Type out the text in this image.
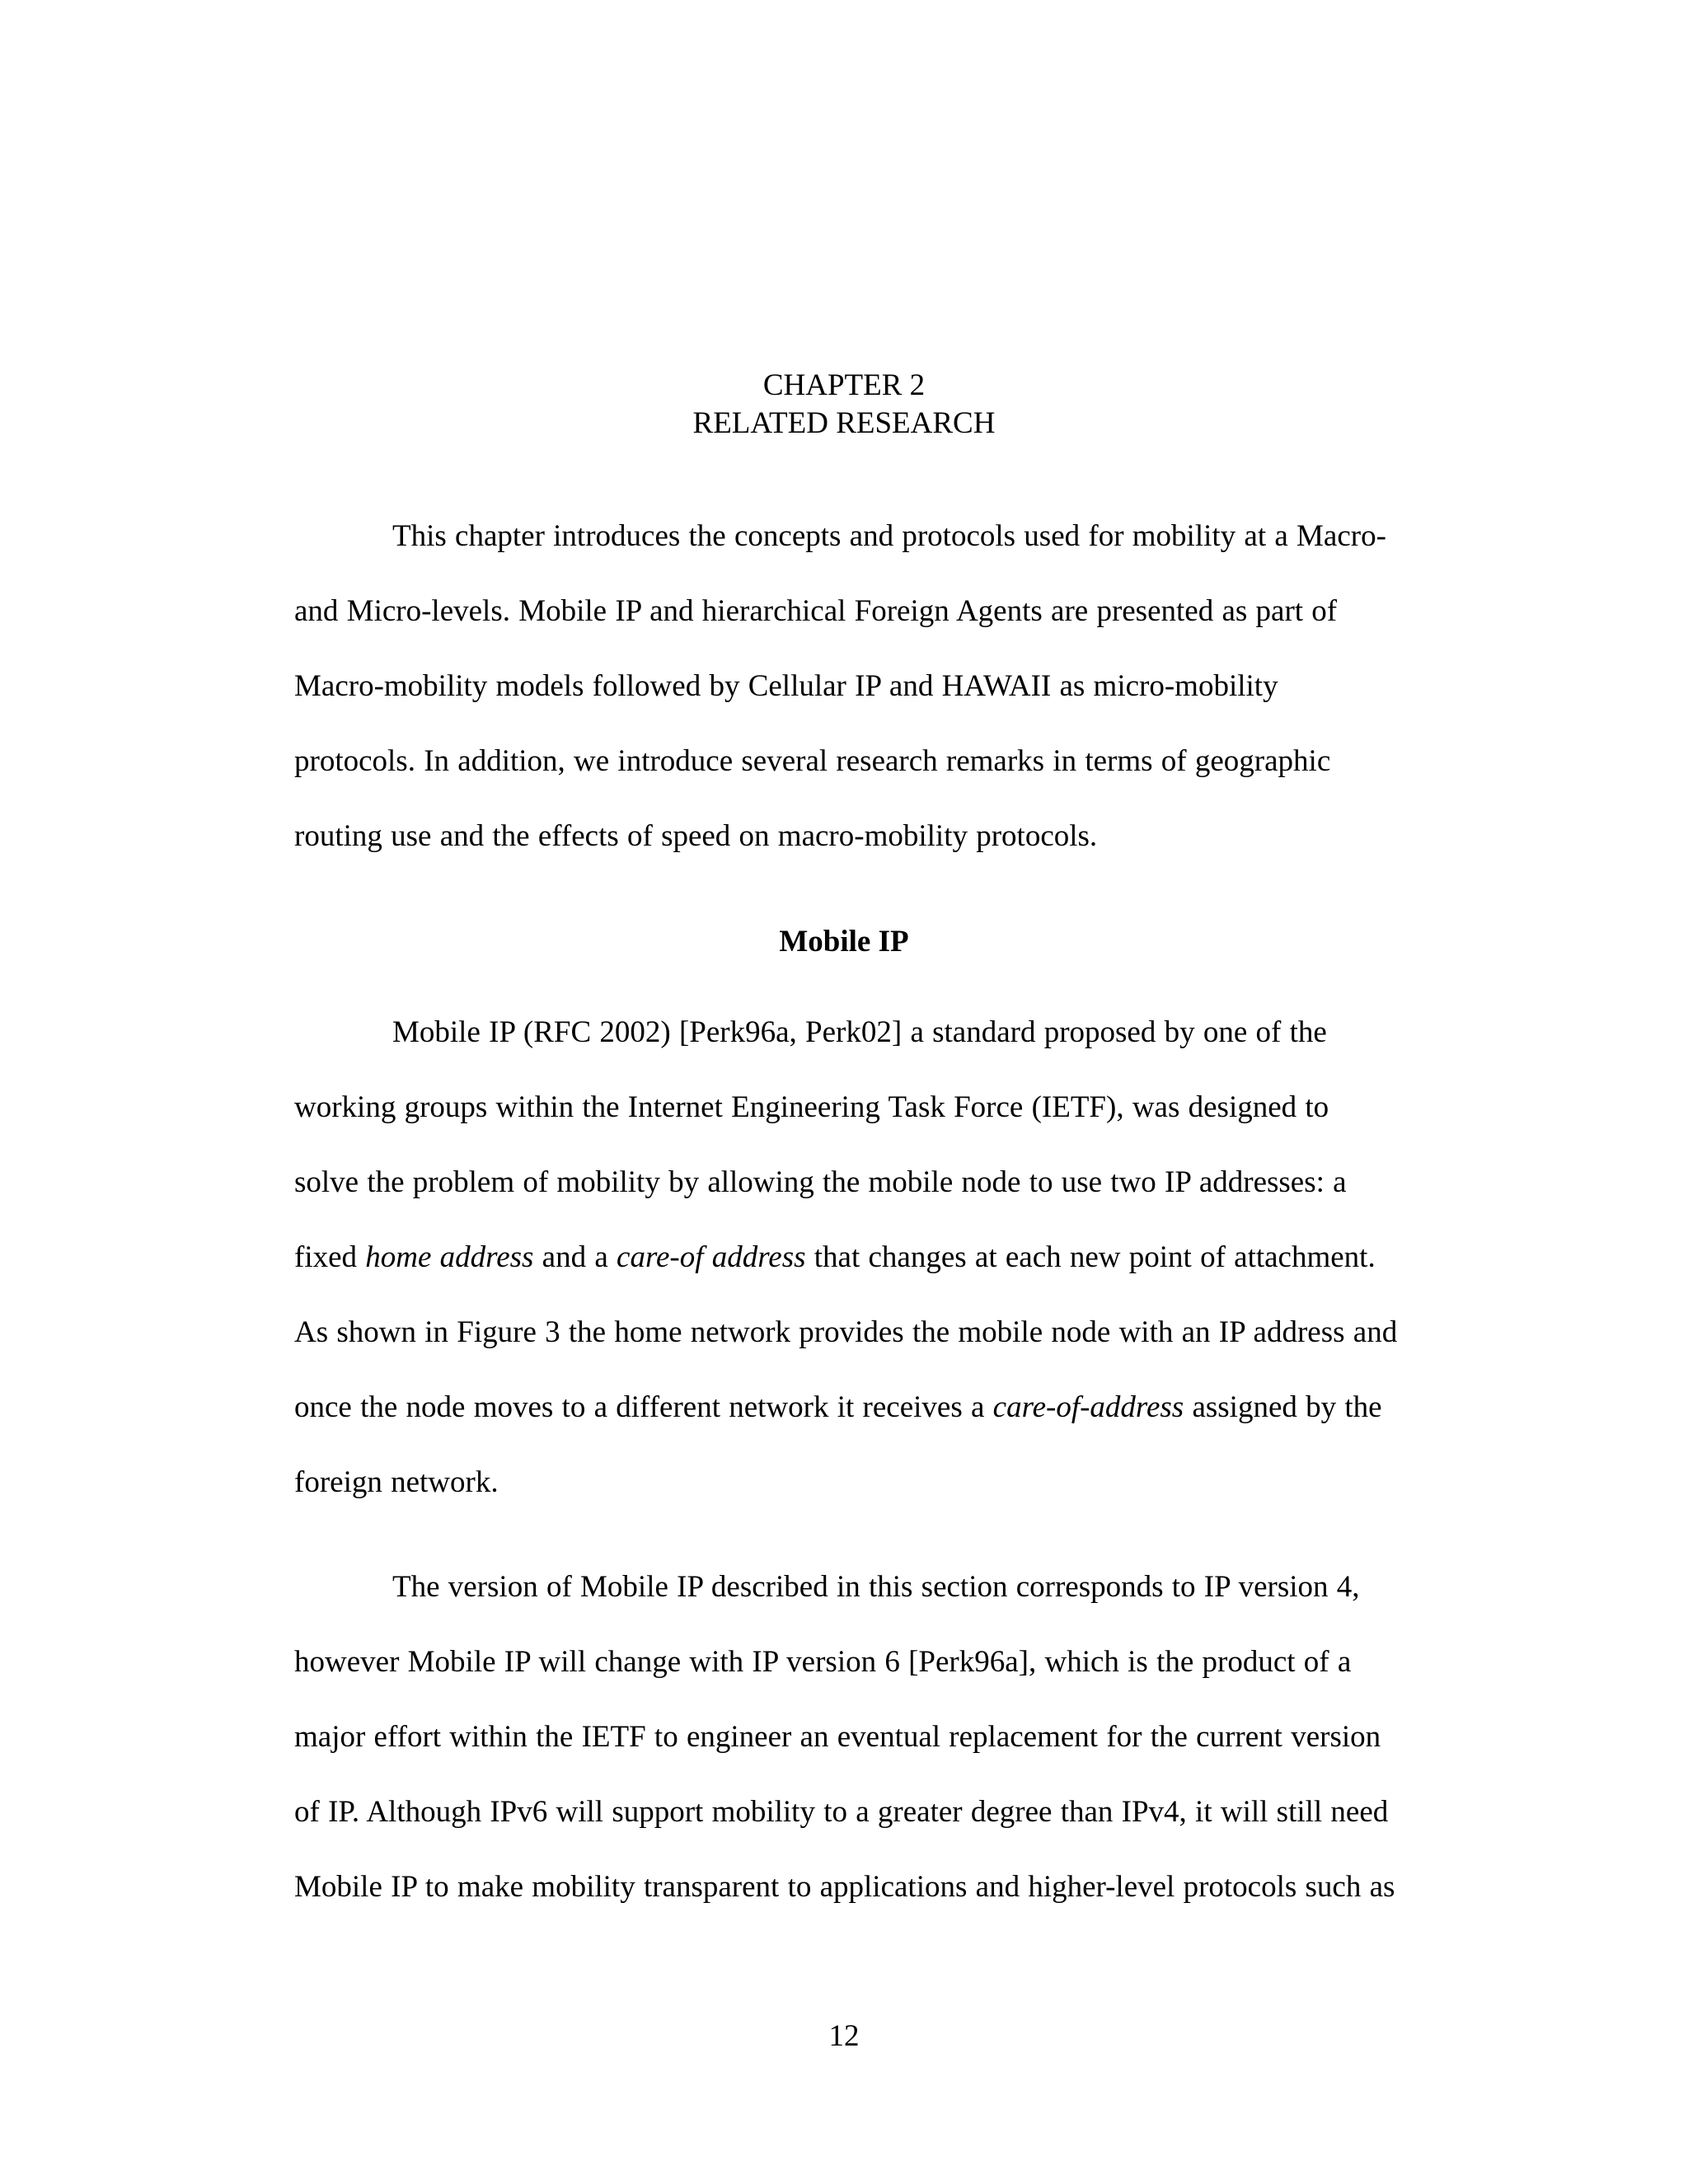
CHAPTER 2
RELATED RESEARCH
This chapter introduces the concepts and protocols used for mobility at a Macro-
and Micro-levels. Mobile IP and hierarchical Foreign Agents are presented as part of
Macro-mobility models followed by Cellular IP and HAWAII as micro-mobility
protocols. In addition, we introduce several research remarks in terms of geographic
routing use and the effects of speed on macro-mobility protocols.
Mobile IP
Mobile IP (RFC 2002) [Perk96a, Perk02] a standard proposed by one of the
working groups within the Internet Engineering Task Force (IETF), was designed to
solve the problem of mobility by allowing the mobile node to use two IP addresses: a
fixed home address and a care-of address that changes at each new point of attachment.
As shown in Figure 3 the home network provides the mobile node with an IP address and
once the node moves to a different network it receives a care-of-address assigned by the
foreign network.
The version of Mobile IP described in this section corresponds to IP version 4,
however Mobile IP will change with IP version 6 [Perk96a], which is the product of a
major effort within the IETF to engineer an eventual replacement for the current version
of IP. Although IPv6 will support mobility to a greater degree than IPv4, it will still need
Mobile IP to make mobility transparent to applications and higher-level protocols such as
12
